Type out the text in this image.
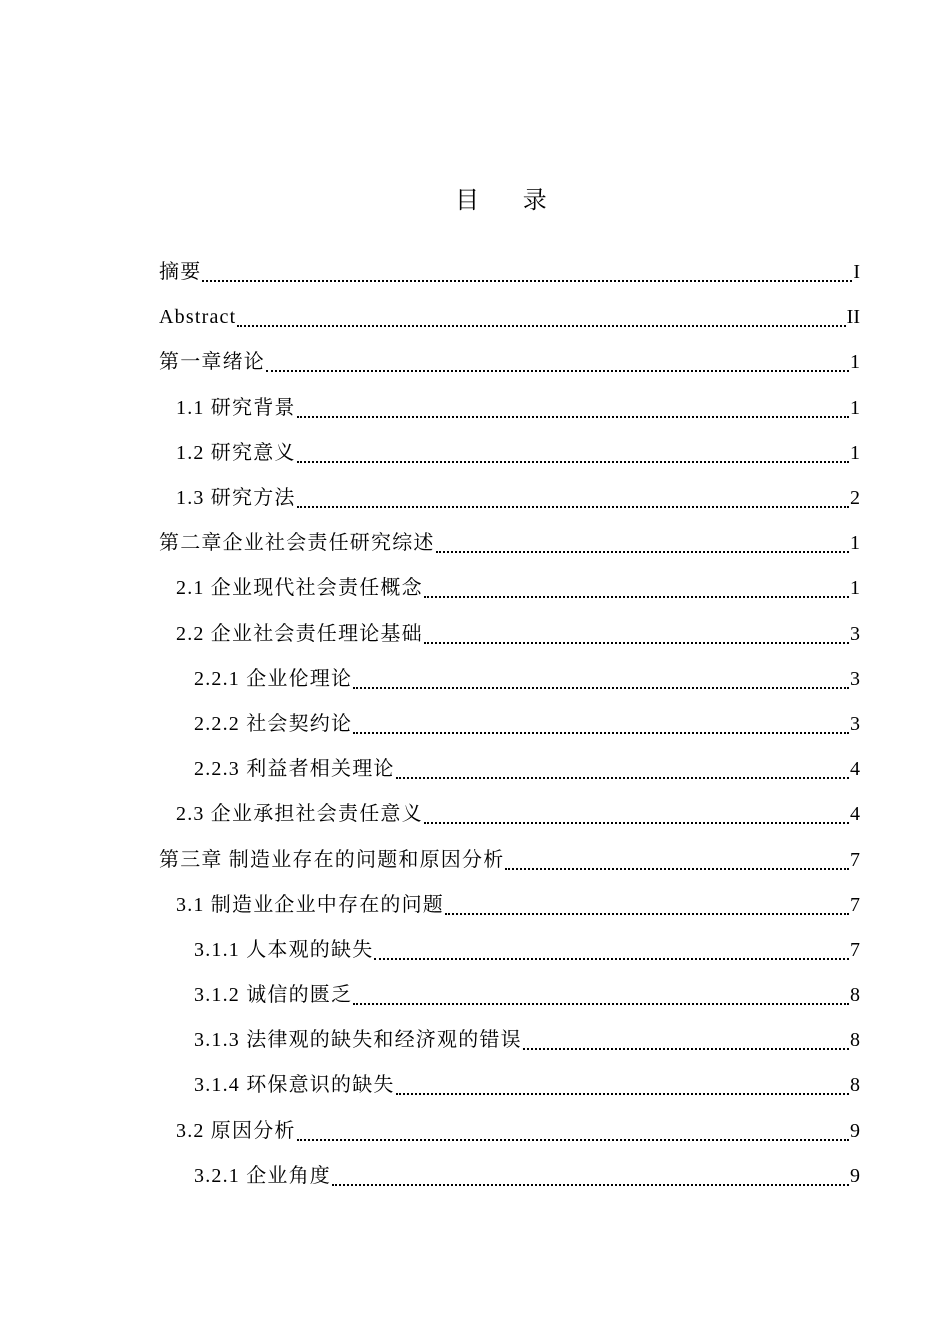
目 录
摘要	I
Abstract	II
第一章绪论	1
1.1 研究背景	1
1.2 研究意义	1
1.3 研究方法	2
第二章企业社会责任研究综述	1
2.1 企业现代社会责任概念	1
2.2 企业社会责任理论基础	3
2.2.1 企业伦理论	3
2.2.2 社会契约论	3
2.2.3 利益者相关理论	4
2.3 企业承担社会责任意义	4
第三章 制造业存在的问题和原因分析	7
3.1 制造业企业中存在的问题	7
3.1.1 人本观的缺失	7
3.1.2 诚信的匮乏	8
3.1.3 法律观的缺失和经济观的错误	8
3.1.4 环保意识的缺失	8
3.2 原因分析	9
3.2.1 企业角度	9
